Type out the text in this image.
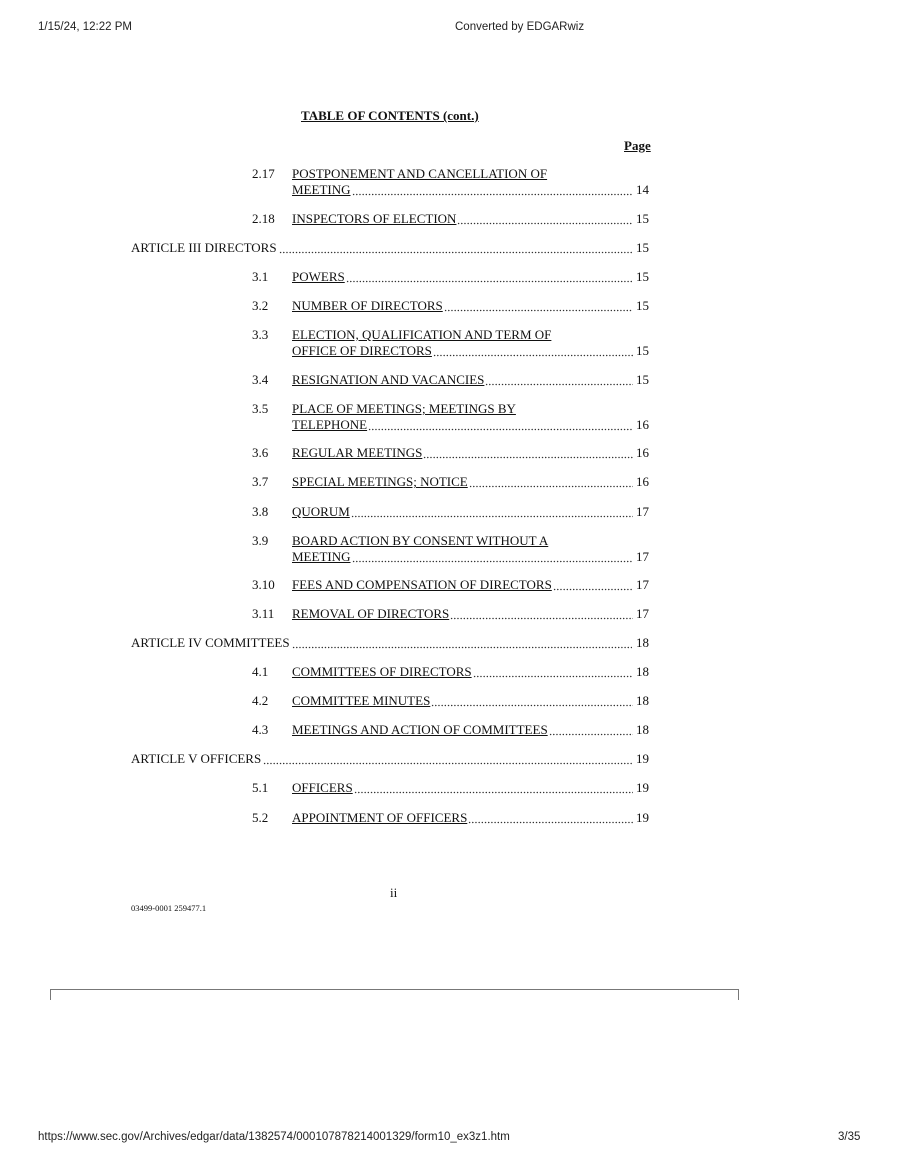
1/15/24, 12:22 PM	Converted by EDGARwiz
TABLE OF CONTENTS (cont.)
Page
2.17 POSTPONEMENT AND CANCELLATION OF
MEETING	14
2.18 INSPECTORS OF ELECTION	15
ARTICLE III DIRECTORS	15
3.1 POWERS	15
3.2 NUMBER OF DIRECTORS	15
3.3 ELECTION, QUALIFICATION AND TERM OF
OFFICE OF DIRECTORS	15
3.4 RESIGNATION AND VACANCIES	15
3.5 PLACE OF MEETINGS; MEETINGS BY
TELEPHONE	16
3.6 REGULAR MEETINGS	16
3.7 SPECIAL MEETINGS; NOTICE	16
3.8 QUORUM	17
3.9 BOARD ACTION BY CONSENT WITHOUT A
MEETING	17
3.10 FEES AND COMPENSATION OF DIRECTORS	17
3.11 REMOVAL OF DIRECTORS	17
ARTICLE IV COMMITTEES	18
4.1 COMMITTEES OF DIRECTORS	18
4.2 COMMITTEE MINUTES	18
4.3 MEETINGS AND ACTION OF COMMITTEES	18
ARTICLE V OFFICERS	19
5.1 OFFICERS	19
5.2 APPOINTMENT OF OFFICERS	19
ii
03499-0001 259477.1
https://www.sec.gov/Archives/edgar/data/1382574/000107878214001329/form10_ex3z1.htm	3/35
